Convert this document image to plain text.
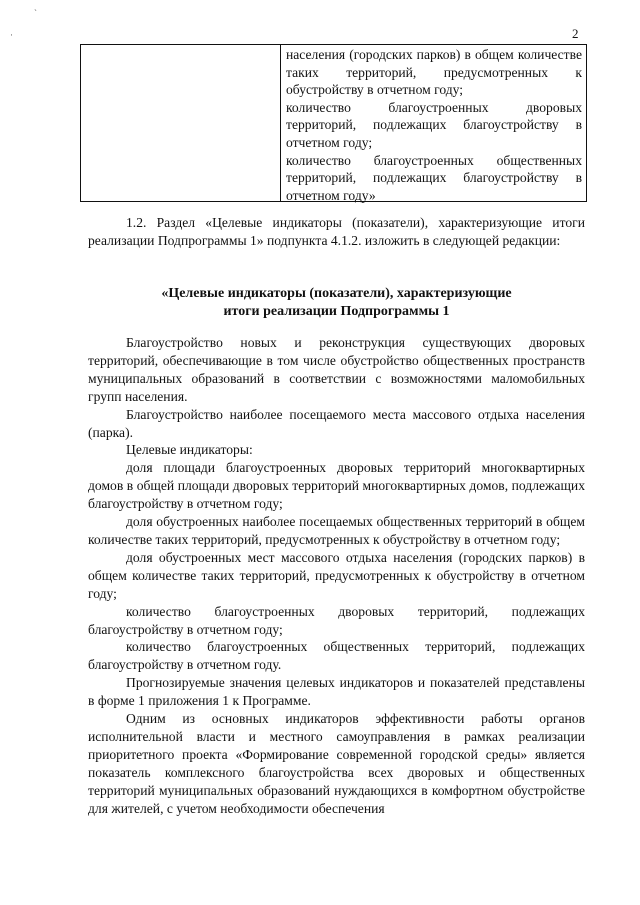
`
·	2

населения (городских парков) в общем количестве таких территорий, предусмотренных к обустройству в отчетном году;

количество благоустроенных дворовых территорий, подлежащих благоустройству в отчетном году;

количество благоустроенных общественных территорий, подлежащих благоустройству в отчетном году»

1.2. Раздел «Целевые индикаторы (показатели), характеризующие итоги реализации Подпрограммы 1» подпункта 4.1.2. изложить в следующей редакции:

«Целевые индикаторы (показатели), характеризующие
итоги реализации Подпрограммы 1

Благоустройство новых и реконструкция существующих дворовых территорий, обеспечивающие в том числе обустройство общественных пространств муниципальных образований в соответствии с возможностями маломобильных групп населения.

Благоустройство наиболее посещаемого места массового отдыха населения (парка).

Целевые индикаторы:

доля площади благоустроенных дворовых территорий многоквартирных домов в общей площади дворовых территорий многоквартирных домов, подлежащих благоустройству в отчетном году;

доля обустроенных наиболее посещаемых общественных территорий в общем количестве таких территорий, предусмотренных к обустройству в отчетном году;

доля обустроенных мест массового отдыха населения (городских парков) в общем количестве таких территорий, предусмотренных к обустройству в отчетном году;

количество благоустроенных дворовых территорий, подлежащих благоустройству в отчетном году;

количество благоустроенных общественных территорий, подлежащих благоустройству в отчетном году.

Прогнозируемые значения целевых индикаторов и показателей представлены в форме 1 приложения 1 к Программе.

Одним из основных индикаторов эффективности работы органов исполнительной власти и местного самоуправления в рамках реализации приоритетного проекта «Формирование современной городской среды» является показатель комплексного благоустройства всех дворовых и общественных территорий муниципальных образований нуждающихся в комфортном обустройстве для жителей, с учетом необходимости обеспечения
